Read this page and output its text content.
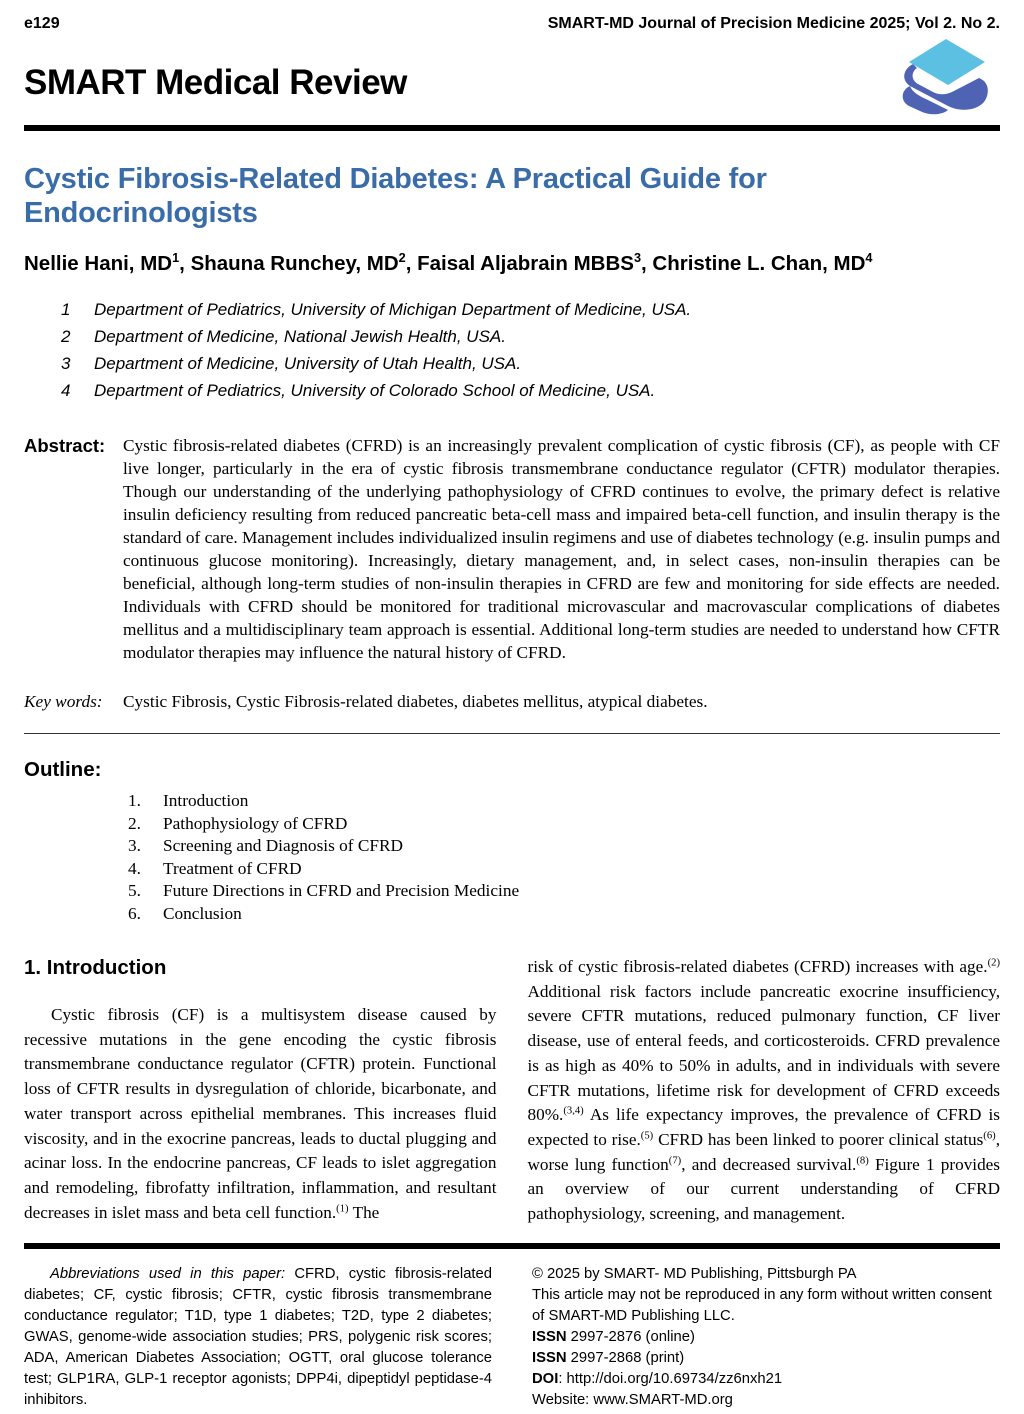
e129	SMART-MD Journal of Precision Medicine 2025; Vol 2. No 2.
SMART Medical Review
Cystic Fibrosis-Related Diabetes: A Practical Guide for Endocrinologists
Nellie Hani, $MD^1$, Shauna Runchey, $MD^2$, Faisal Aljabrain MBBS$^3$, Christine L. Chan, $MD^4$
1	Department of Pediatrics, University of Michigan Department of Medicine, USA.
2	Department of Medicine, National Jewish Health, USA.
3	Department of Medicine, University of Utah Health, USA.
4	Department of Pediatrics, University of Colorado School of Medicine, USA.
Abstract:	Cystic fibrosis-related diabetes (CFRD) is an increasingly prevalent complication of cystic fibrosis (CF), as people with CF live longer, particularly in the era of cystic fibrosis transmembrane conductance regulator (CFTR) modulator therapies. Though our understanding of the underlying pathophysiology of CFRD continues to evolve, the primary defect is relative insulin deficiency resulting from reduced pancreatic beta-cell mass and impaired beta-cell function, and insulin therapy is the standard of care. Management includes individualized insulin regimens and use of diabetes technology (e.g. insulin pumps and continuous glucose monitoring). Increasingly, dietary management, and, in select cases, non-insulin therapies can be beneficial, although long-term studies of non-insulin therapies in CFRD are few and monitoring for side effects are needed. Individuals with CFRD should be monitored for traditional microvascular and macrovascular complications of diabetes mellitus and a multidisciplinary team approach is essential. Additional long-term studies are needed to understand how CFTR modulator therapies may influence the natural history of CFRD.
Key words:	Cystic Fibrosis, Cystic Fibrosis-related diabetes, diabetes mellitus, atypical diabetes.
Outline:
1.	Introduction
2.	Pathophysiology of CFRD
3.	Screening and Diagnosis of CFRD
4.	Treatment of CFRD
5.	Future Directions in CFRD and Precision Medicine
6.	Conclusion
1. Introduction

Cystic fibrosis (CF) is a multisystem disease caused by recessive mutations in the gene encoding the cystic fibrosis transmembrane conductance regulator (CFTR) protein. Functional loss of CFTR results in dysregulation of chloride, bicarbonate, and water transport across epithelial membranes. This increases fluid viscosity, and in the exocrine pancreas, leads to ductal plugging and acinar loss. In the endocrine pancreas, CF leads to islet aggregation and remodeling, fibrofatty infiltration, inflammation, and resultant decreases in islet mass and beta cell function.$^{(1)}$ The

risk of cystic fibrosis-related diabetes (CFRD) increases with age.$^{(2)}$ Additional risk factors include pancreatic exocrine insufficiency, severe CFTR mutations, reduced pulmonary function, CF liver disease, use of enteral feeds, and corticosteroids. CFRD prevalence is as high as 40% to 50% in adults, and in individuals with severe CFTR mutations, lifetime risk for development of CFRD exceeds 80%.$^{(3,4)}$ As life expectancy improves, the prevalence of CFRD is expected to rise.$^{(5)}$ CFRD has been linked to poorer clinical status$^{(6)}$, worse lung function$^{(7)}$, and decreased survival.$^{(8)}$ Figure 1 provides an overview of our current understanding of CFRD pathophysiology, screening, and management.

Abbreviations used in this paper: CFRD, cystic fibrosis-related diabetes; CF, cystic fibrosis; CFTR, cystic fibrosis transmembrane conductance regulator; T1D, type 1 diabetes; T2D, type 2 diabetes; GWAS, genome-wide association studies; PRS, polygenic risk scores; ADA, American Diabetes Association; OGTT, oral glucose tolerance test; GLP1RA, GLP-1 receptor agonists; DPP4i, dipeptidyl peptidase-4 inhibitors.

© 2025 by SMART- MD Publishing, Pittsburgh PA
This article may not be reproduced in any form without written consent of SMART-MD Publishing LLC.
ISSN 2997-2876 (online)
ISSN 2997-2868 (print)
DOI: http://doi.org/10.69734/zz6nxh21
Website: www.SMART-MD.org
